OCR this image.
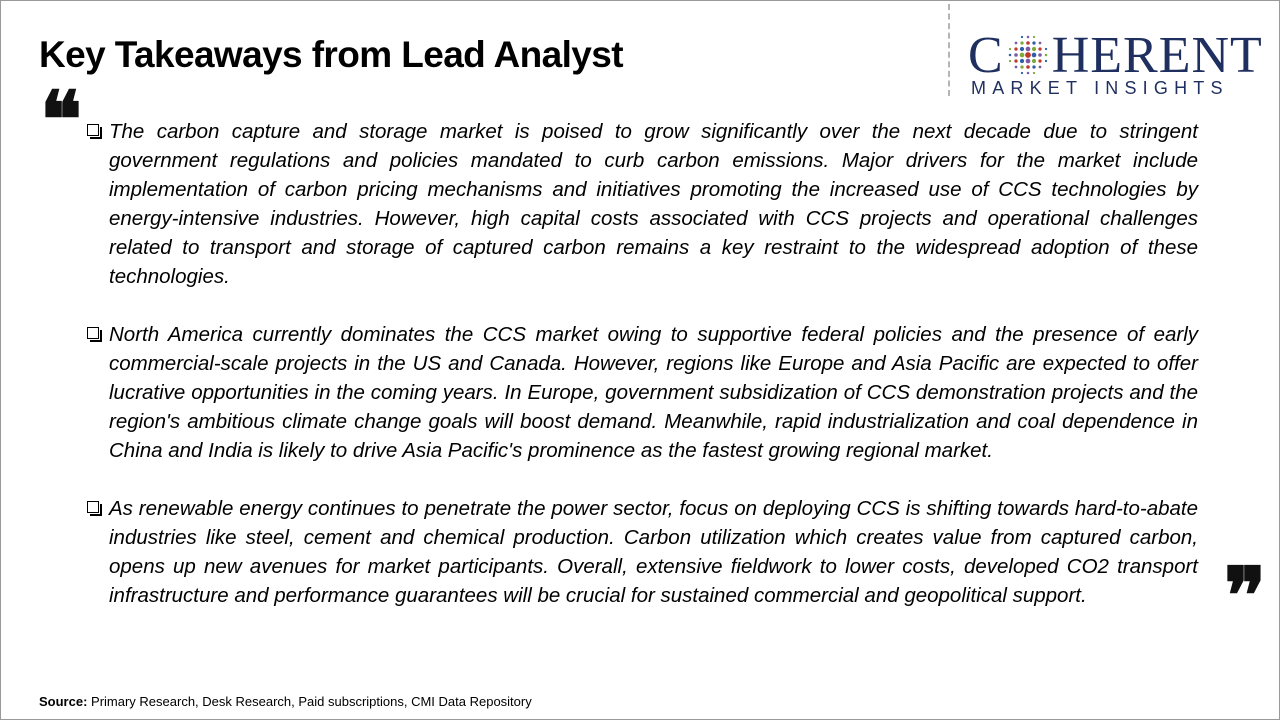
Key Takeaways from Lead Analyst	C HERENT
MARKET INSIGHTS
❝	The carbon capture and storage market is poised to grow significantly over the next decade due to stringent government regulations and policies mandated to curb carbon emissions. Major drivers for the market include implementation of carbon pricing mechanisms and initiatives promoting the increased use of CCS technologies by energy-intensive industries. However, high capital costs associated with CCS projects and operational challenges related to transport and storage of captured carbon remains a key restraint to the widespread adoption of these technologies.
North America currently dominates the CCS market owing to supportive federal policies and the presence of early commercial-scale projects in the US and Canada. However, regions like Europe and Asia Pacific are expected to offer lucrative opportunities in the coming years. In Europe, government subsidization of CCS demonstration projects and the region's ambitious climate change goals will boost demand. Meanwhile, rapid industrialization and coal dependence in China and India is likely to drive Asia Pacific's prominence as the fastest growing regional market.
As renewable energy continues to penetrate the power sector, focus on deploying CCS is shifting towards hard-to-abate industries like steel, cement and chemical production. Carbon utilization which creates value from captured carbon, opens up new avenues for market participants. Overall, extensive fieldwork to lower costs, developed CO2 transport infrastructure and performance guarantees will be crucial for sustained commercial and geopolitical support.	❞
Source: Primary Research, Desk Research, Paid subscriptions, CMI Data Repository
